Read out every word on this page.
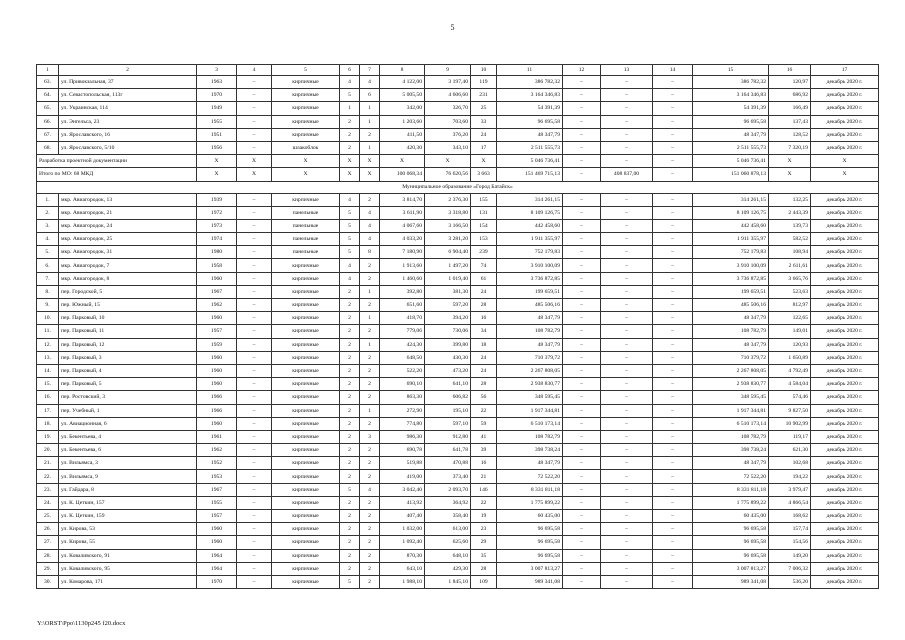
5
1	2	3	4	5	6	7	8	9	10	11	12	13	14	15	16	17
63.	ул. Привокзальная, 37	1963	–	кирпичные	4	4	4 122,00	3 197,40	119	386 782,32	–	–	–	386 782,32	120,97	декабрь 2020 г.
64.	ул. Севастопольская, 113г	1970	–	кирпичные	5	6	5 005,50	4 606,60	231	3 164 346,83	–	–	–	3 164 346,83	686,92	декабрь 2020 г.
65.	ул. Украинская, 114	1949	–	кирпичные	1	1	342,00	326,70	25	54 391,39	–	–	–	54 391,39	166,49	декабрь 2020 г.
66.	ул. Энгельса, 23	1955	–	кирпичные	2	1	1 203,60	703,60	33	96 695,58	–	–	–	96 695,58	137,43	декабрь 2020 г.
67.	ул. Ярославского, 16	1951	–	кирпичные	2	2	411,50	376,20	24	48 347,79	–	–	–	48 347,79	128,52	декабрь 2020 г.
68.	ул. Ярославского, 5/10	1956	–	шлакоблок	2	1	420,30	343,10	17	2 511 555,73	–	–	–	2 511 555,73	7 320,19	декабрь 2020 г.
Разработка проектной документации		Х	Х	Х	Х	Х	Х	Х	Х	5 046 736,41	–	–	–	5 046 736,41	Х	Х
Итого по МО: 68 МКД		Х	Х	Х	Х	Х	100 068,34	76 620,56	3 663	151 469 715,13	–	408 837,00	–	151 060 878,13	Х	Х
Муниципальное образование «Город Батайск»																
1.	мкр. Авиагородок, 13	1939	–	кирпичные	4	2	3 814,70	2 376,30	155	314 261,15	–	–	–	314 261,15	132,25	декабрь 2020 г.
2.	мкр. Авиагородок, 21	1972	–	панельные	5	4	3 611,90	3 318,80	131	8 109 126,75	–	–	–	8 109 126,75	2 443,39	декабрь 2020 г.
3.	мкр. Авиагородок, 24	1973	–	панельные	5	4	4 067,60	3 166,50	154	442 458,60	–	–	–	442 458,60	139,73	декабрь 2020 г.
4.	мкр. Авиагородок, 25	1974	–	панельные	5	4	4 033,20	3 281,20	153	1 911 355,97	–	–	–	1 911 355,97	582,52	декабрь 2020 г.
5.	мкр. Авиагородок, 31	1980	–	панельные	5	8	7 180,90	6 904,40	239	752 179,83	–	–	–	752 179,83	108,94	декабрь 2020 г.
6.	мкр. Авиагородок, 7	1958	–	кирпичные	4	2	1 913,60	1 497,20	74	3 910 100,09	–	–	–	3 910 100,09	2 611,61	декабрь 2020 г.
7.	мкр. Авиагородок, 8	1960	–	кирпичные	4	2	1 460,60	1 019,40	61	3 736 872,85	–	–	–	3 736 872,85	3 665,76	декабрь 2020 г.
8.	пер. Городской, 5	1967	–	кирпичные	2	1	392,80	381,30	24	199 659,51	–	–	–	199 659,51	523,63	декабрь 2020 г.
9.	пер. Южный, 15	1962	–	кирпичные	2	2	651,60	597,20	28	485 506,16	–	–	–	485 506,16	812,97	декабрь 2020 г.
10.	пер. Парковый, 10	1960	–	кирпичные	2	1	418,70	394,20	16	48 347,79	–	–	–	48 347,79	122,65	декабрь 2020 г.
11.	пер. Парковый, 11	1957	–	кирпичные	2	2	779,06	730,06	34	108 782,79	–	–	–	108 782,79	149,01	декабрь 2020 г.
12.	пер. Парковый, 12	1959	–	кирпичные	2	1	424,30	399,80	18	48 347,79	–	–	–	48 347,79	120,93	декабрь 2020 г.
13.	пер. Парковый, 3	1960	–	кирпичные	2	2	648,50	430,30	24	710 379,72	–	–	–	710 379,72	1 650,89	декабрь 2020 г.
14.	пер. Парковый, 4	1960	–	кирпичные	2	2	522,20	473,20	24	2 267 808,05	–	–	–	2 267 808,05	4 792,49	декабрь 2020 г.
15.	пер. Парковый, 5	1960	–	кирпичные	2	2	690,10	641,10	28	2 938 830,77	–	–	–	2 938 830,77	4 584,04	декабрь 2020 г.
16.	пер. Ростовский, 3	1966	–	кирпичные	2	2	863,30	606,82	56	348 595,45	–	–	–	348 595,45	574,46	декабрь 2020 г.
17.	пер. Учебный, 1	1966	–	кирпичные	2	1	272,90	195,10	22	1 917 344,81	–	–	–	1 917 344,81	9 827,50	декабрь 2020 г.
18.	ул. Авиационная, 6	1960	–	кирпичные	2	2	774,80	597,10	59	6 510 173,14	–	–	–	6 510 173,14	10 902,99	декабрь 2020 г.
19.	ул. Бекентьева, 4	1961	–	кирпичные	2	3	986,30	912,80	41	108 782,79	–	–	–	108 782,79	119,17	декабрь 2020 г.
20.	ул. Бекентьева, 6	1962	–	кирпичные	2	2	690,78	641,78	39	398 738,24	–	–	–	398 738,24	621,30	декабрь 2020 г.
21.	ул. Вильямса, 3	1952	–	кирпичные	2	2	519,88	470,88	16	48 347,79	–	–	–	48 347,79	102,68	декабрь 2020 г.
22.	ул. Вильямса, 9	1953	–	кирпичные	2	2	419,00	373,40	21	72 522,20	–	–	–	72 522,20	194,22	декабрь 2020 г.
23.	ул. Гайдара, 8	1967	–	кирпичные	5	4	3 042,40	2 093,70	146	8 331 811,18	–	–	–	8 331 811,18	3 979,47	декабрь 2020 г.
24.	ул. К. Цеткин, 157	1955	–	кирпичные	2	2	413,92	364,92	22	1 775 899,22	–	–	–	1 775 899,22	4 866,54	декабрь 2020 г.
25.	ул. К. Цеткин, 159	1957	–	кирпичные	2	2	407,40	358,40	19	60 435,00	–	–	–	60 435,00	168,62	декабрь 2020 г.
26.	ул. Кирова, 53	1960	–	кирпичные	2	2	1 032,00	613,00	23	96 695,58	–	–	–	96 695,58	157,74	декабрь 2020 г.
27.	ул. Кирова, 55	1960	–	кирпичные	2	2	1 092,40	625,60	29	96 695,58	–	–	–	96 695,58	154,56	декабрь 2020 г.
28.	ул. Коваливского, 91	1964	–	кирпичные	2	2	870,30	648,10	35	96 695,58	–	–	–	96 695,58	149,20	декабрь 2020 г.
29.	ул. Коваливского, 95	1964	–	кирпичные	2	2	643,10	429,30	28	3 007 813,27	–	–	–	3 007 813,27	7 006,32	декабрь 2020 г.
30.	ул. Комарова, 171	1970	–	кирпичные	5	2	1 988,10	1 845,10	109	989 341,08	–	–	–	989 341,08	536,20	декабрь 2020 г.
Y:\ORST\Ppo\1130p245 f20.docx
